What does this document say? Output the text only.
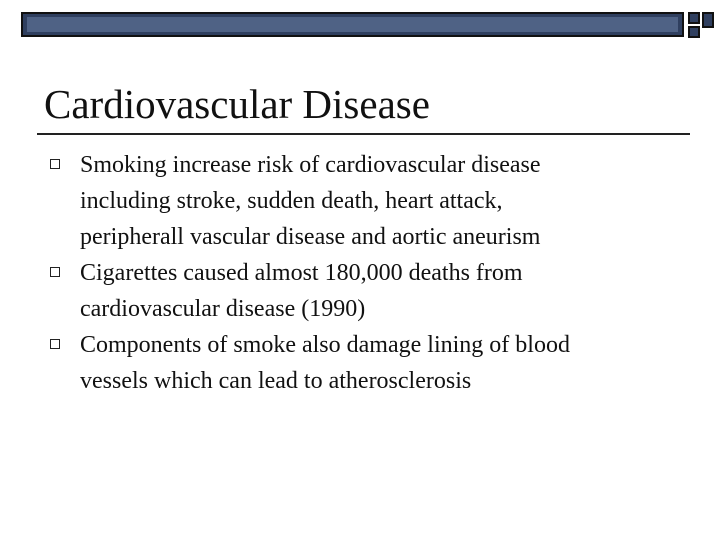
Cardiovascular Disease
Smoking increase risk of cardiovascular disease
including stroke, sudden death, heart attack,
peripherall vascular disease and aortic aneurism
Cigarettes caused almost 180,000 deaths from
cardiovascular disease (1990)
Components of smoke also damage lining of blood
vessels which can lead to atherosclerosis
